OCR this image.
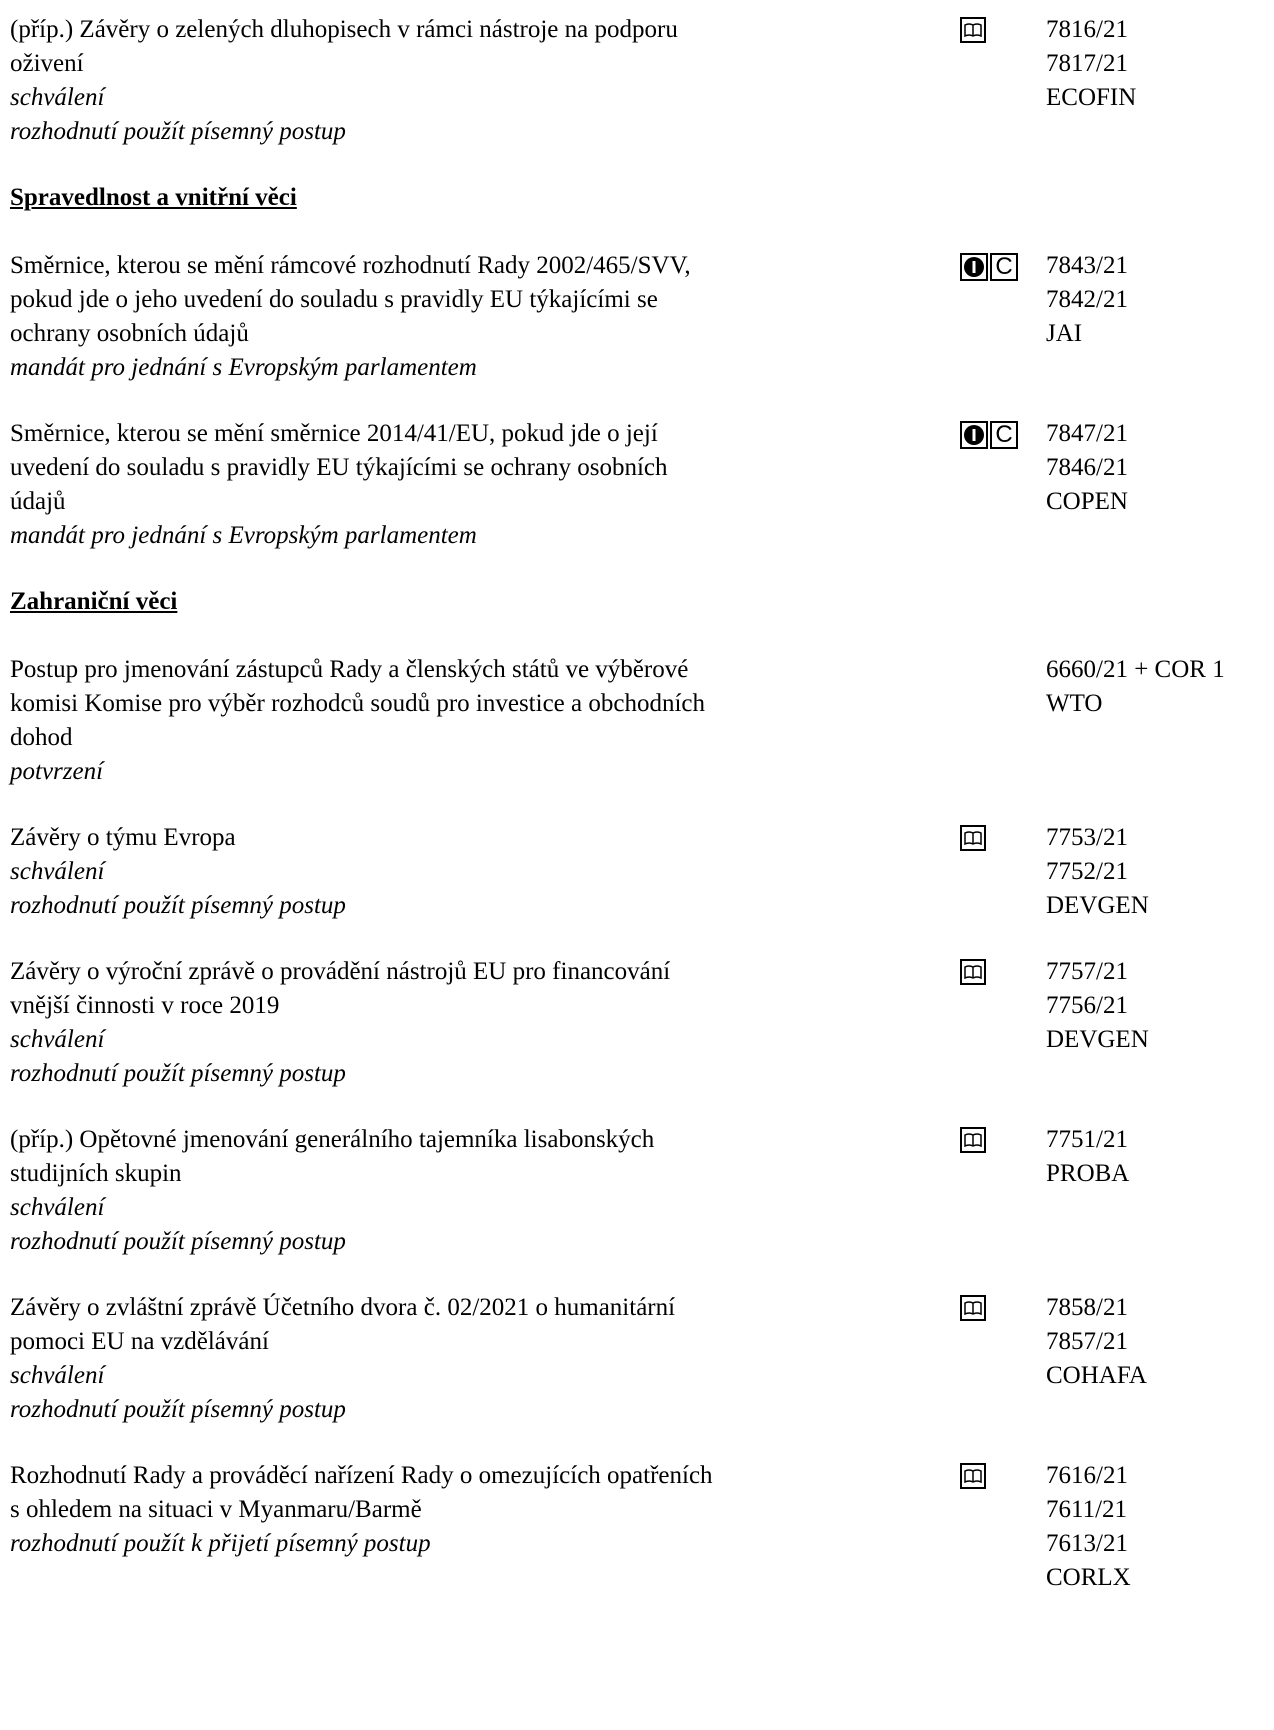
(příp.) Závěry o zelených dluhopisech v rámci nástroje na podporu
oživení
schválení
rozhodnutí použít písemný postup
7816/21
7817/21
ECOFIN
Spravedlnost a vnitřní věci
Směrnice, kterou se mění rámcové rozhodnutí Rady 2002/465/SVV,
pokud jde o jeho uvedení do souladu s pravidly EU týkajícími se
ochrany osobních údajů
mandát pro jednání s Evropským parlamentem
C 7843/21
7842/21
JAI
Směrnice, kterou se mění směrnice 2014/41/EU, pokud jde o její
uvedení do souladu s pravidly EU týkajícími se ochrany osobních
údajů
mandát pro jednání s Evropským parlamentem
C 7847/21
7846/21
COPEN
Zahraniční věci
Postup pro jmenování zástupců Rady a členských států ve výběrové
komisi Komise pro výběr rozhodců soudů pro investice a obchodních
dohod
potvrzení
6660/21 + COR 1
WTO
Závěry o týmu Evropa
schválení
rozhodnutí použít písemný postup
7753/21
7752/21
DEVGEN
Závěry o výroční zprávě o provádění nástrojů EU pro financování
vnější činnosti v roce 2019
schválení
rozhodnutí použít písemný postup
7757/21
7756/21
DEVGEN
(příp.) Opětovné jmenování generálního tajemníka lisabonských
studijních skupin
schválení
rozhodnutí použít písemný postup
7751/21
PROBA
Závěry o zvláštní zprávě Účetního dvora č. 02/2021 o humanitární
pomoci EU na vzdělávání
schválení
rozhodnutí použít písemný postup
7858/21
7857/21
COHAFA
Rozhodnutí Rady a prováděcí nařízení Rady o omezujících opatřeních
s ohledem na situaci v Myanmaru/Barmě
rozhodnutí použít k přijetí písemný postup
7616/21
7611/21
7613/21
CORLX
